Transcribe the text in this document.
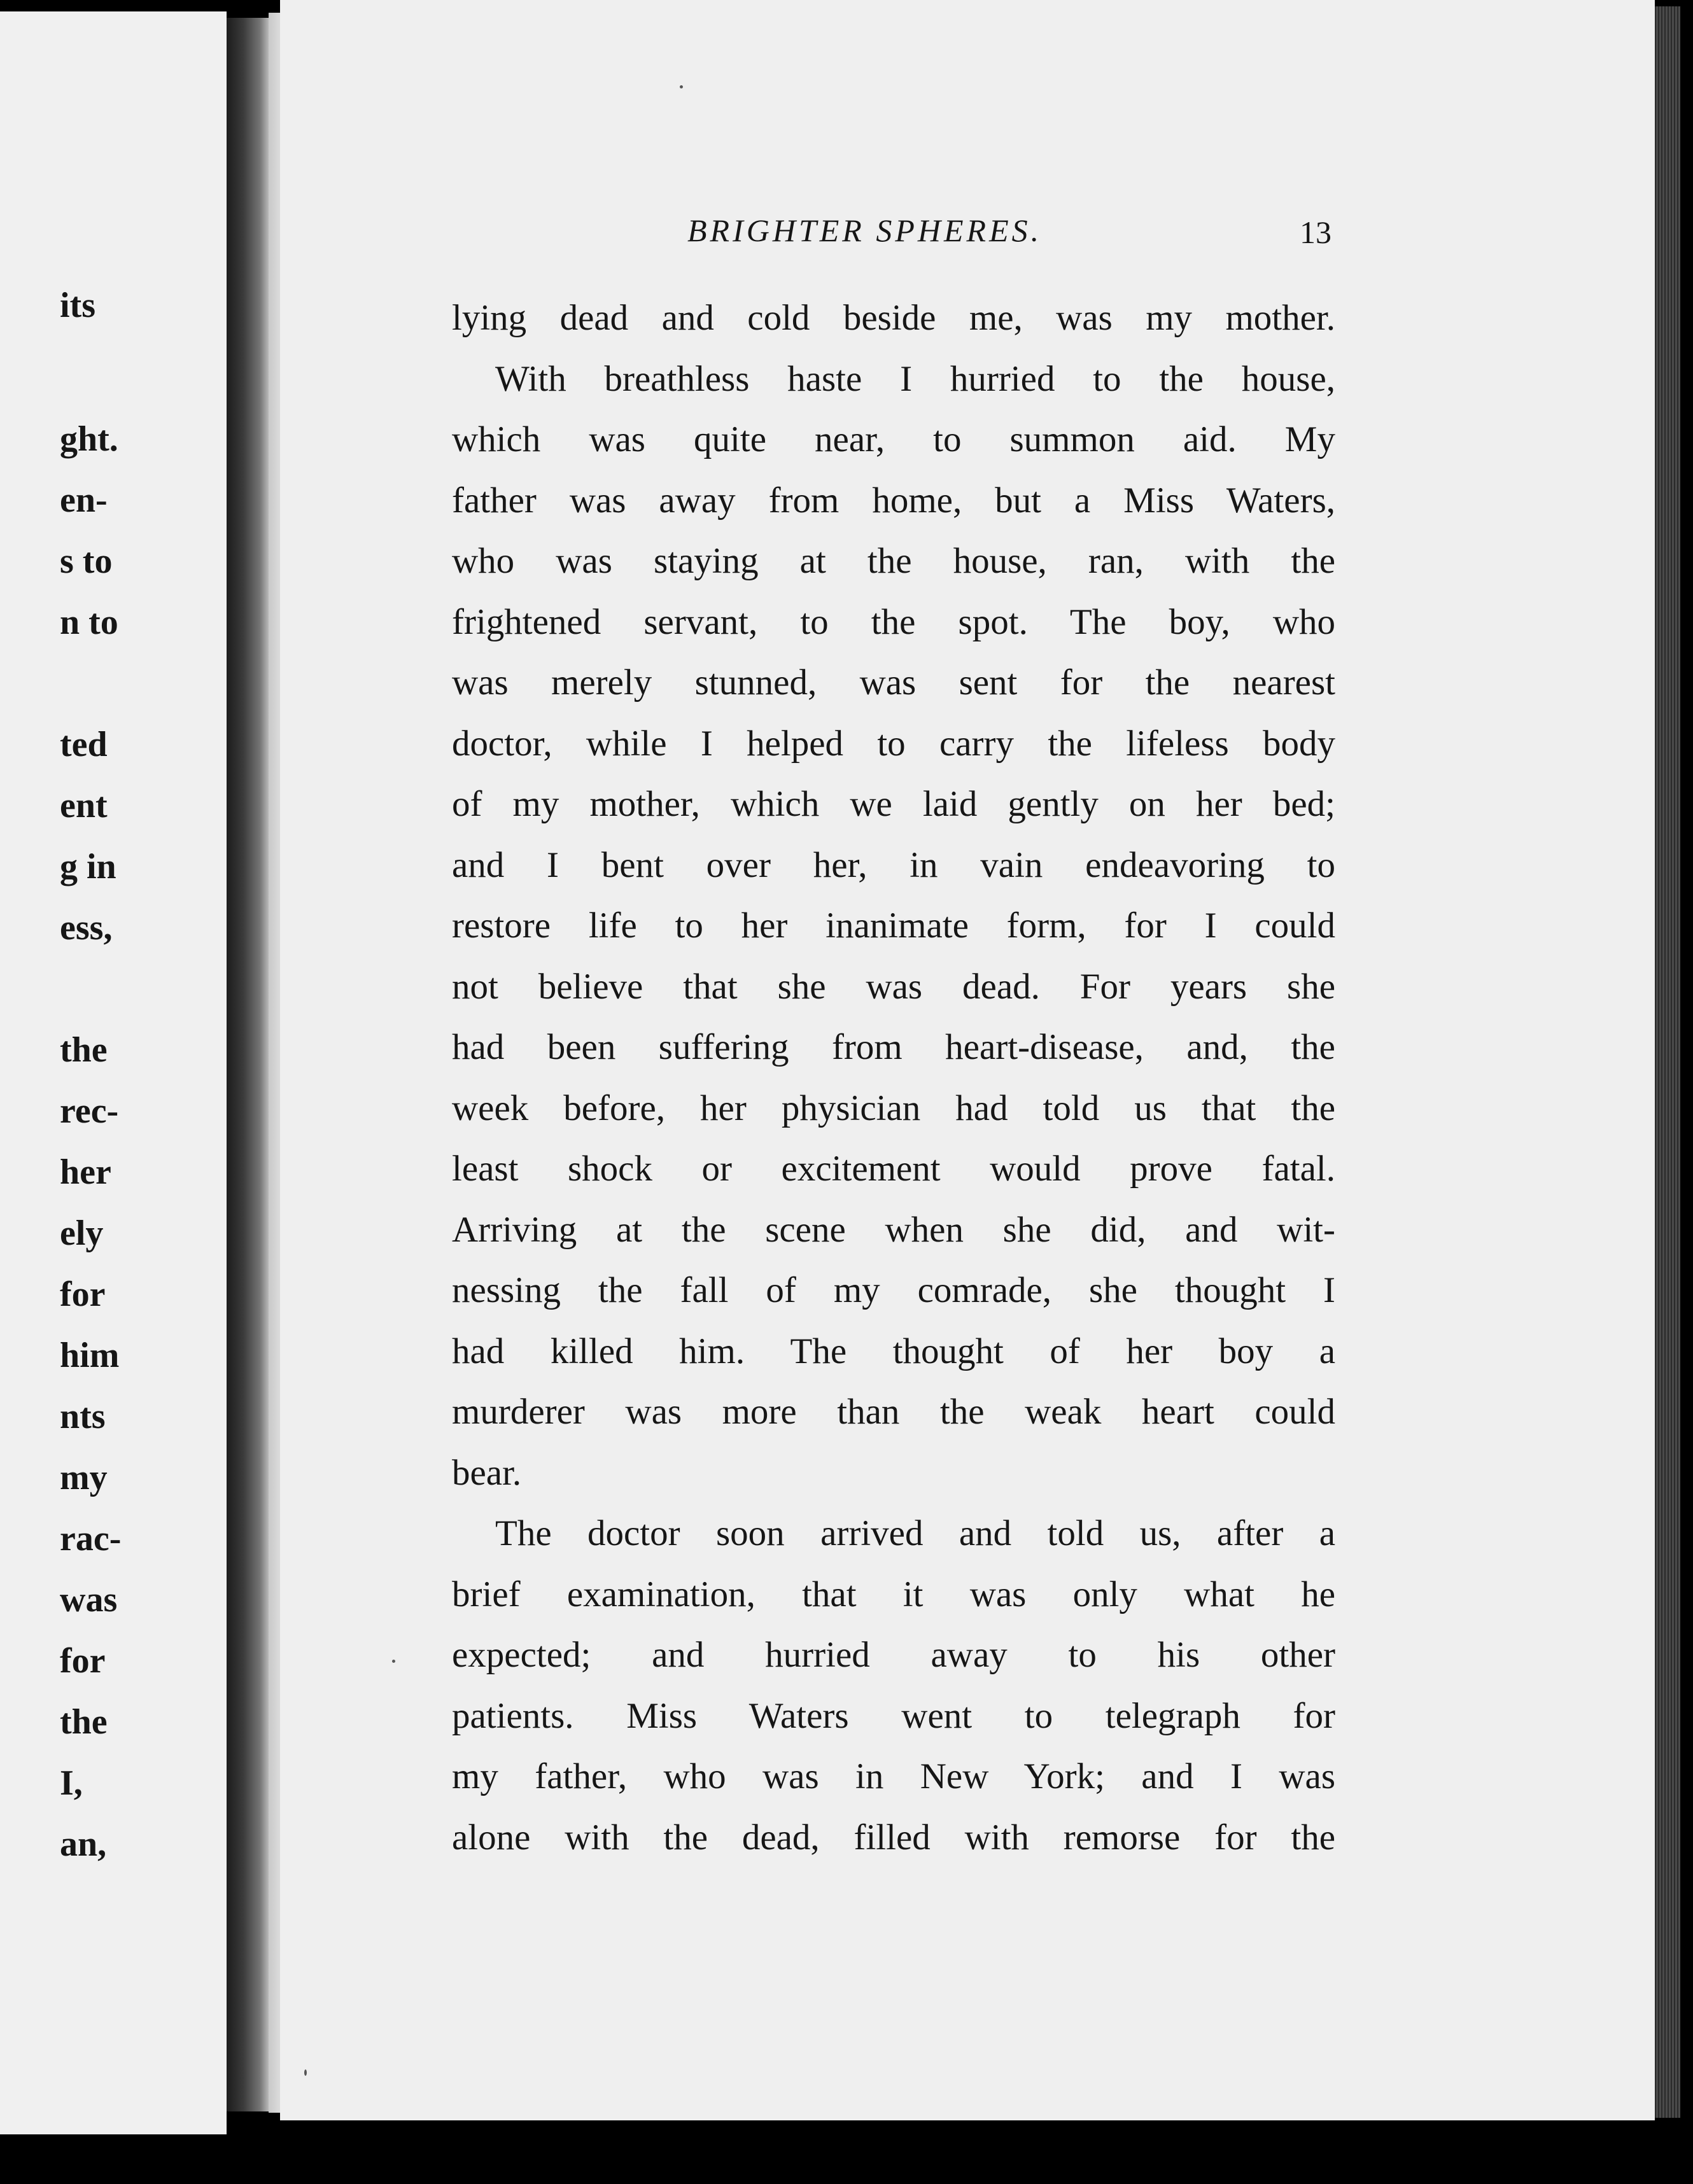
its
ght.
en-
s to
n to
ted
ent
g in
ess,
the
rec-
her
ely
for
him
nts
my
rac-
was
for
the
I,
an,
BRIGHTER SPHERES.	13
lying dead and cold beside me, was my mother.
With breathless haste I hurried to the house,
which was quite near, to summon aid. My
father was away from home, but a Miss Waters,
who was staying at the house, ran, with the
frightened servant, to the spot. The boy, who
was merely stunned, was sent for the nearest
doctor, while I helped to carry the lifeless body
of my mother, which we laid gently on her bed;
and I bent over her, in vain endeavoring to
restore life to her inanimate form, for I could
not believe that she was dead. For years she
had been suffering from heart-disease, and, the
week before, her physician had told us that the
least shock or excitement would prove fatal.
Arriving at the scene when she did, and wit-
nessing the fall of my comrade, she thought I
had killed him. The thought of her boy a
murderer was more than the weak heart could
bear.
The doctor soon arrived and told us, after a
brief examination, that it was only what he
expected; and hurried away to his other
patients. Miss Waters went to telegraph for
my father, who was in New York; and I was
alone with the dead, filled with remorse for the
